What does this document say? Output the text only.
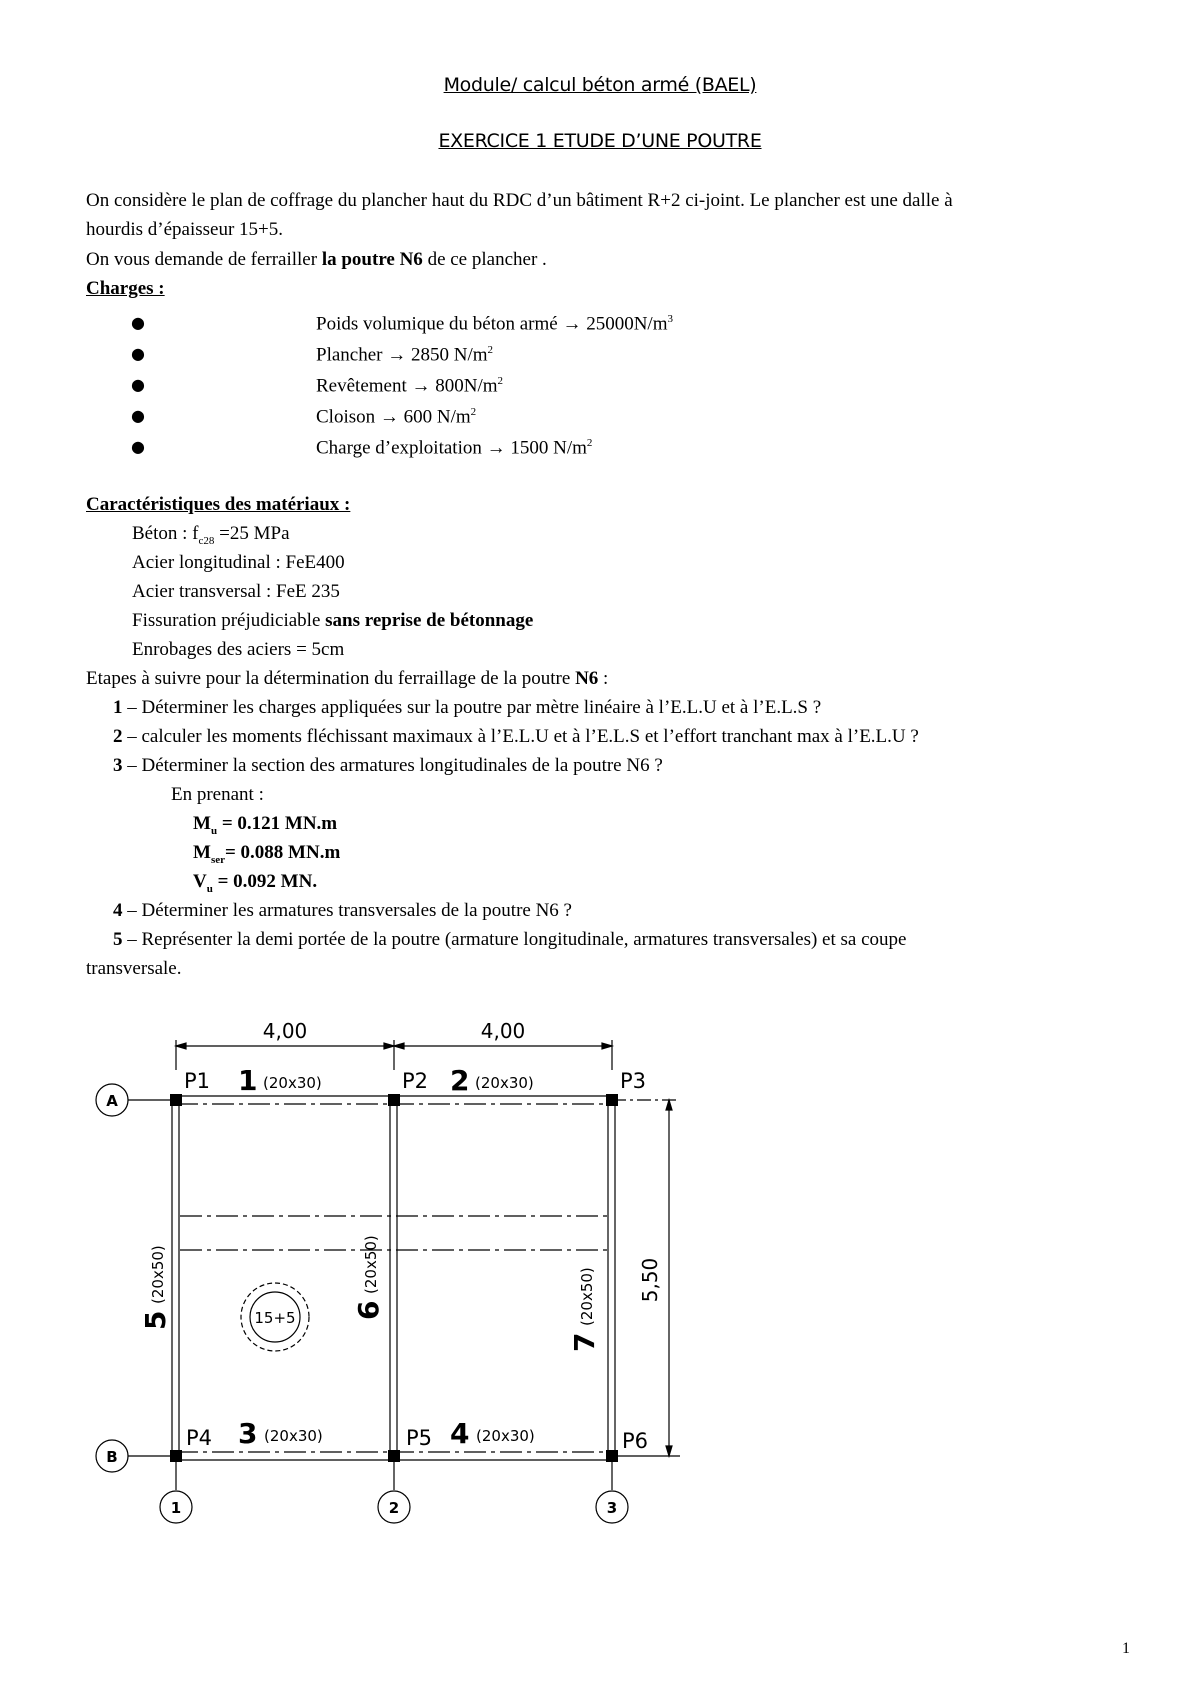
Module/ calcul béton armé (BAEL)
EXERCICE 1 ETUDE D’UNE POUTRE
On considère le plan de coffrage du plancher haut du RDC d’un bâtiment R+2 ci-joint. Le plancher est une dalle à
hourdis d’épaisseur 15+5.
On vous demande de ferrailler la poutre N6 de ce plancher .
Charges :
●	Poids volumique du béton armé → $25000N/m^3$
●	Plancher → 2850 $N/m^2$
●	Revêtement → $800N/m^2$
●	Cloison → 600 $N/m^2$
●	Charge d’exploitation → 1500 $N/m^2$
Caractéristiques des matériaux :
Béton : $f_{c28} =25$ MPa
Acier longitudinal : FeE400
Acier transversal : FeE 235
Fissuration préjudiciable sans reprise de bétonnage
Enrobages des aciers = 5cm
Etapes à suivre pour la détermination du ferraillage de la poutre N6 :
1 – Déterminer les charges appliquées sur la poutre par mètre linéaire à l’E.L.U et à l’E.L.S ?
2 – calculer les moments fléchissant maximaux à l’E.L.U et à l’E.L.S et l’effort tranchant max à l’E.L.U ?
3 – Déterminer la section des armatures longitudinales de la poutre N6 ?
En prenant :
$M_u = 0.121$ MN.m
$M_{ser}= 0.088$ MN.m
$V_u = 0.092$ MN.
4 – Déterminer les armatures transversales de la poutre N6 ?
5 – Représenter la demi portée de la poutre (armature longitudinale, armatures transversales) et sa coupe
transversale.
4,00	4,00
5,50
A
B
1	2	3
P1	P2	P3
P4	P5	P6
1 (20x30)	2 (20x30)
3 (20x30)	4 (20x30)
5
(20x50)
6
(20x50)
7
(20x50)
15+5
1
